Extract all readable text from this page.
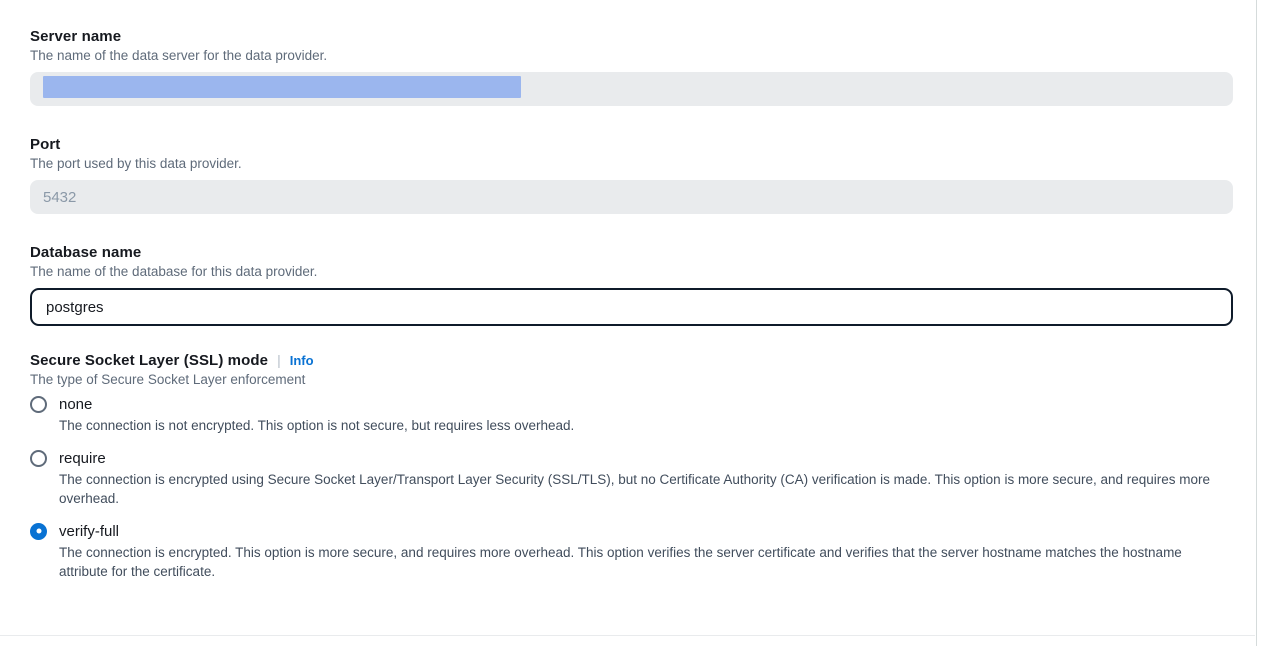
Server name
The name of the data server for the data provider.
Port
The port used by this data provider.
5432
Database name
The name of the database for this data provider.
postgres
Secure Socket Layer (SSL) mode | Info
The type of Secure Socket Layer enforcement
none
The connection is not encrypted. This option is not secure, but requires less overhead.
require
The connection is encrypted using Secure Socket Layer/Transport Layer Security (SSL/TLS), but no Certificate Authority (CA) verification is made. This option is more secure, and requires more overhead.
verify-full
The connection is encrypted. This option is more secure, and requires more overhead. This option verifies the server certificate and verifies that the server hostname matches the hostname attribute for the certificate.
